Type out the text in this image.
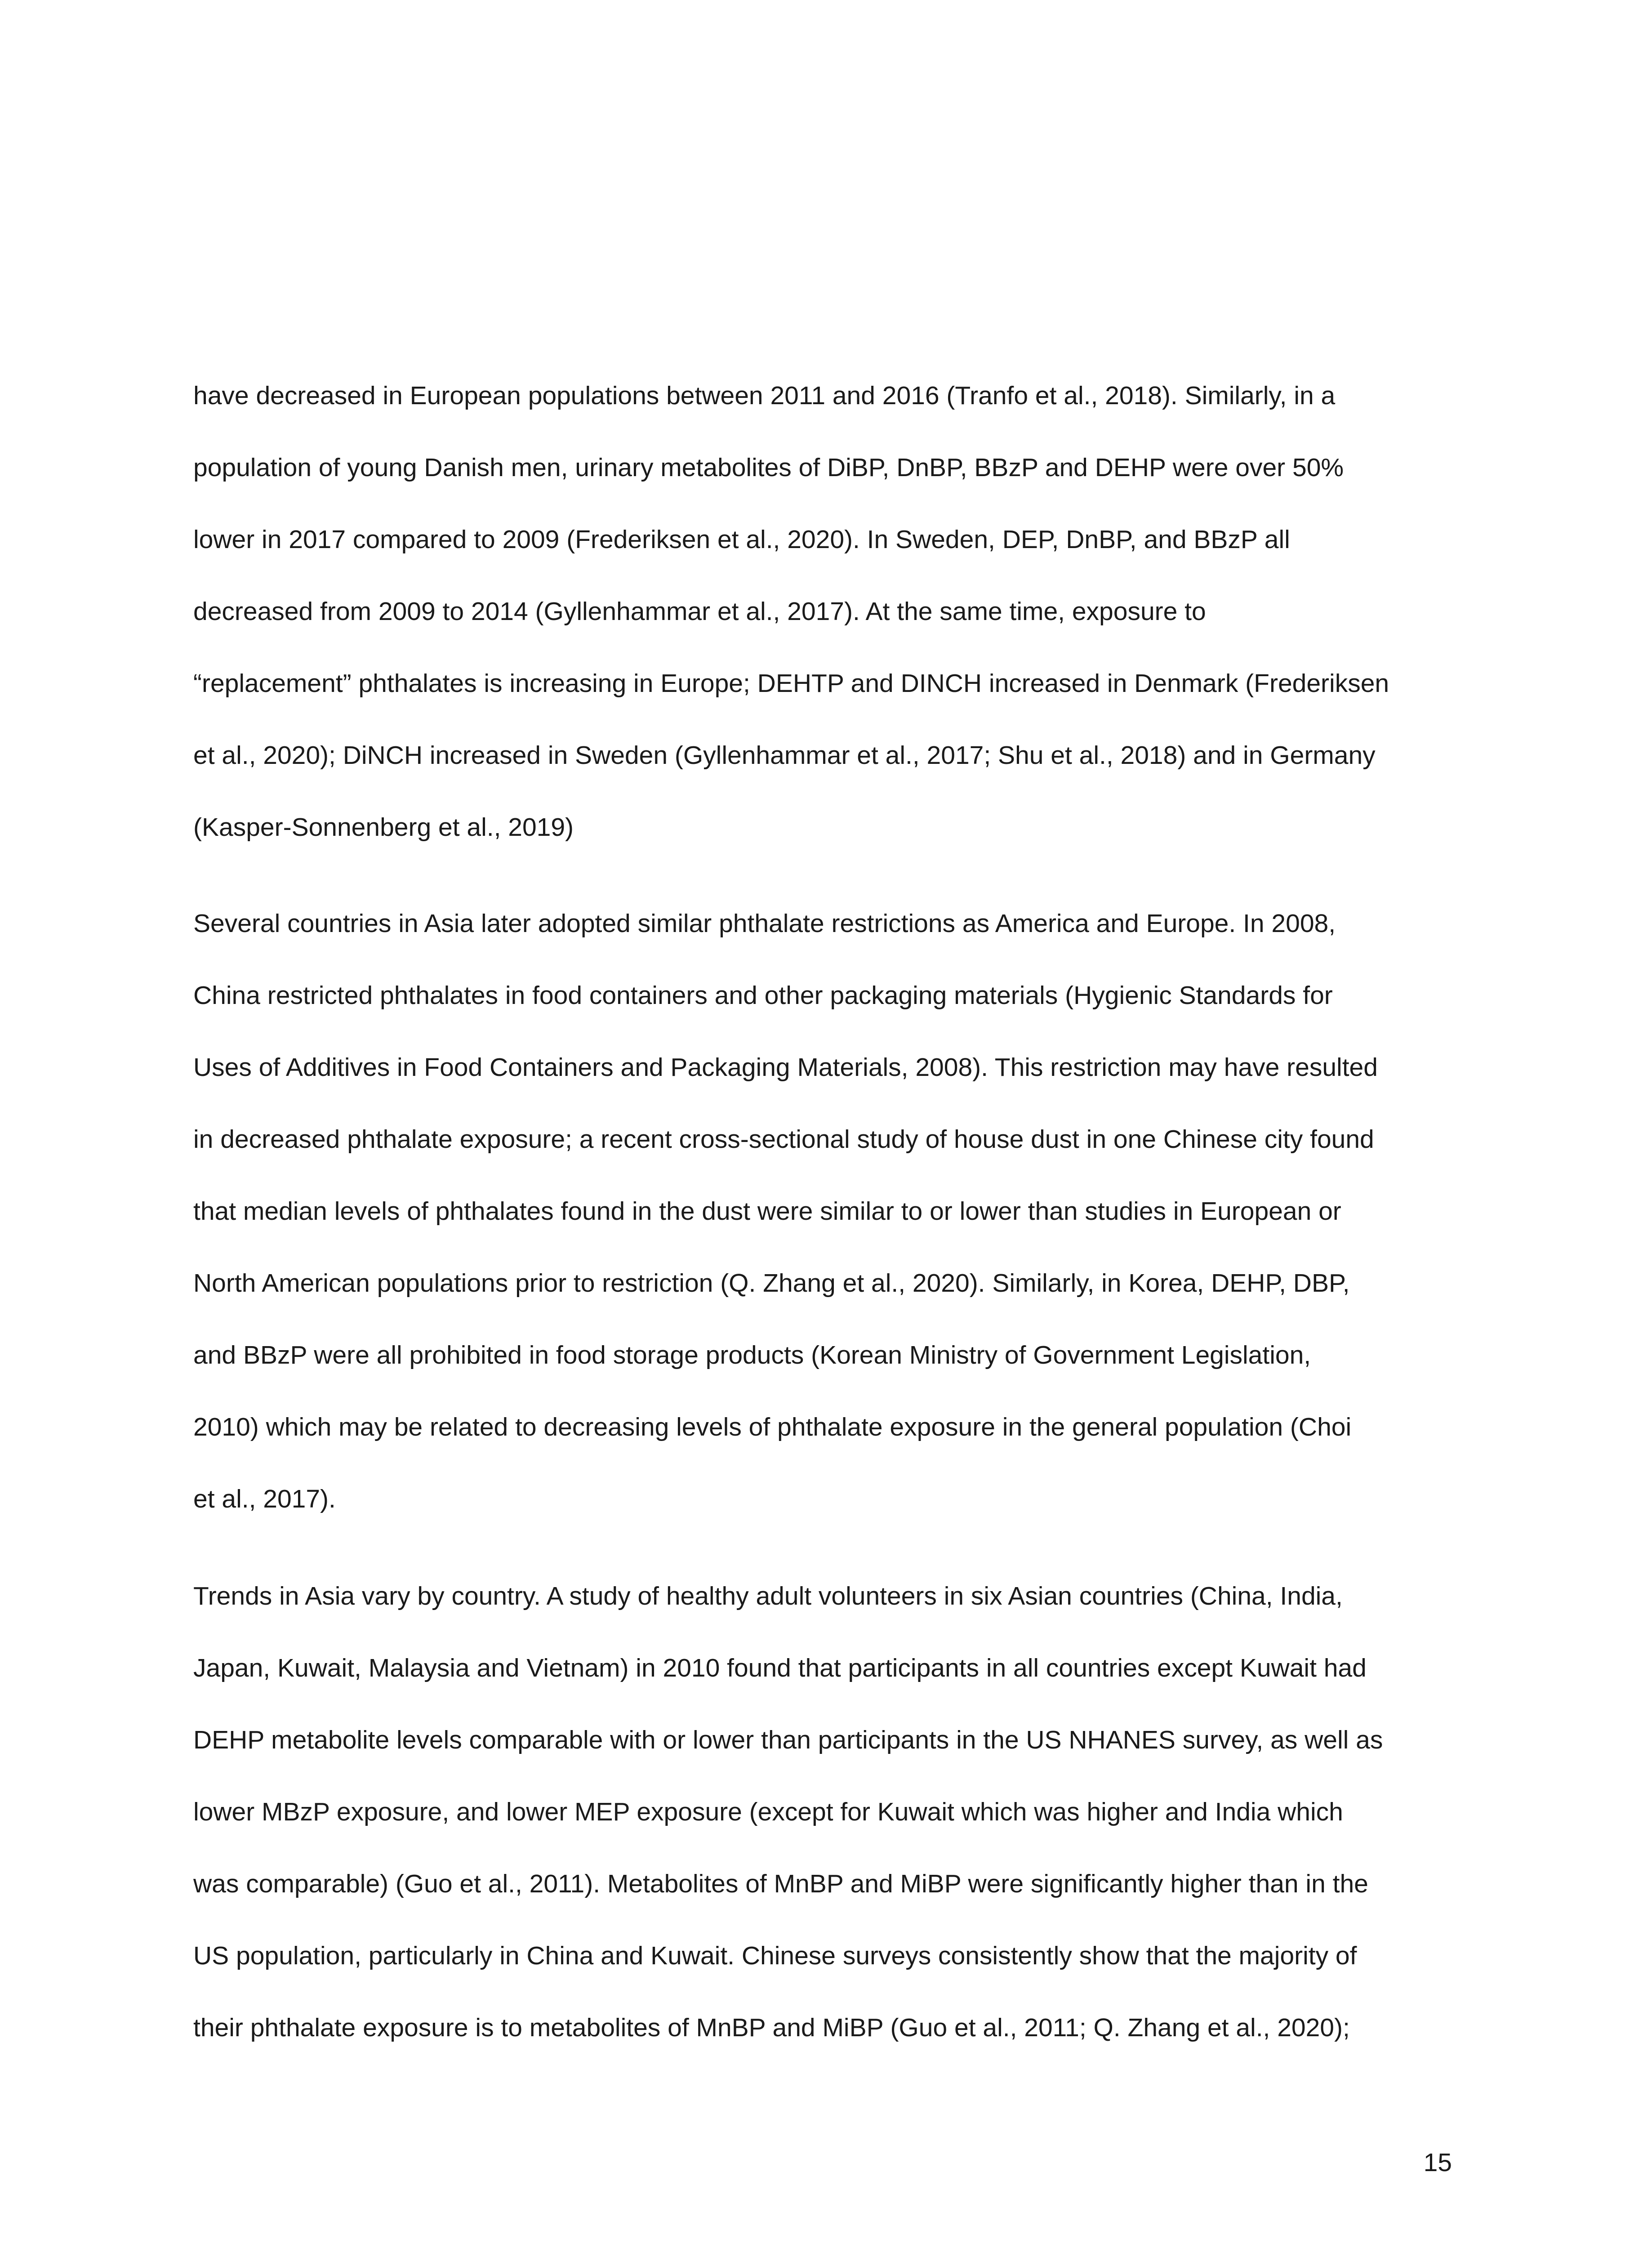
have decreased in European populations between 2011 and 2016 (Tranfo et al., 2018). Similarly, in a
population of young Danish men, urinary metabolites of DiBP, DnBP, BBzP and DEHP were over 50%
lower in 2017 compared to 2009 (Frederiksen et al., 2020). In Sweden, DEP, DnBP, and BBzP all
decreased from 2009 to 2014 (Gyllenhammar et al., 2017). At the same time, exposure to
“replacement” phthalates is increasing in Europe; DEHTP and DINCH increased in Denmark (Frederiksen
et al., 2020); DiNCH increased in Sweden (Gyllenhammar et al., 2017; Shu et al., 2018) and in Germany
(Kasper-Sonnenberg et al., 2019)

Several countries in Asia later adopted similar phthalate restrictions as America and Europe. In 2008,
China restricted phthalates in food containers and other packaging materials (Hygienic Standards for
Uses of Additives in Food Containers and Packaging Materials, 2008). This restriction may have resulted
in decreased phthalate exposure; a recent cross-sectional study of house dust in one Chinese city found
that median levels of phthalates found in the dust were similar to or lower than studies in European or
North American populations prior to restriction (Q. Zhang et al., 2020). Similarly, in Korea, DEHP, DBP,
and BBzP were all prohibited in food storage products (Korean Ministry of Government Legislation,
2010) which may be related to decreasing levels of phthalate exposure in the general population (Choi
et al., 2017).

Trends in Asia vary by country. A study of healthy adult volunteers in six Asian countries (China, India,
Japan, Kuwait, Malaysia and Vietnam) in 2010 found that participants in all countries except Kuwait had
DEHP metabolite levels comparable with or lower than participants in the US NHANES survey, as well as
lower MBzP exposure, and lower MEP exposure (except for Kuwait which was higher and India which
was comparable) (Guo et al., 2011). Metabolites of MnBP and MiBP were significantly higher than in the
US population, particularly in China and Kuwait. Chinese surveys consistently show that the majority of
their phthalate exposure is to metabolites of MnBP and MiBP (Guo et al., 2011; Q. Zhang et al., 2020);

15
